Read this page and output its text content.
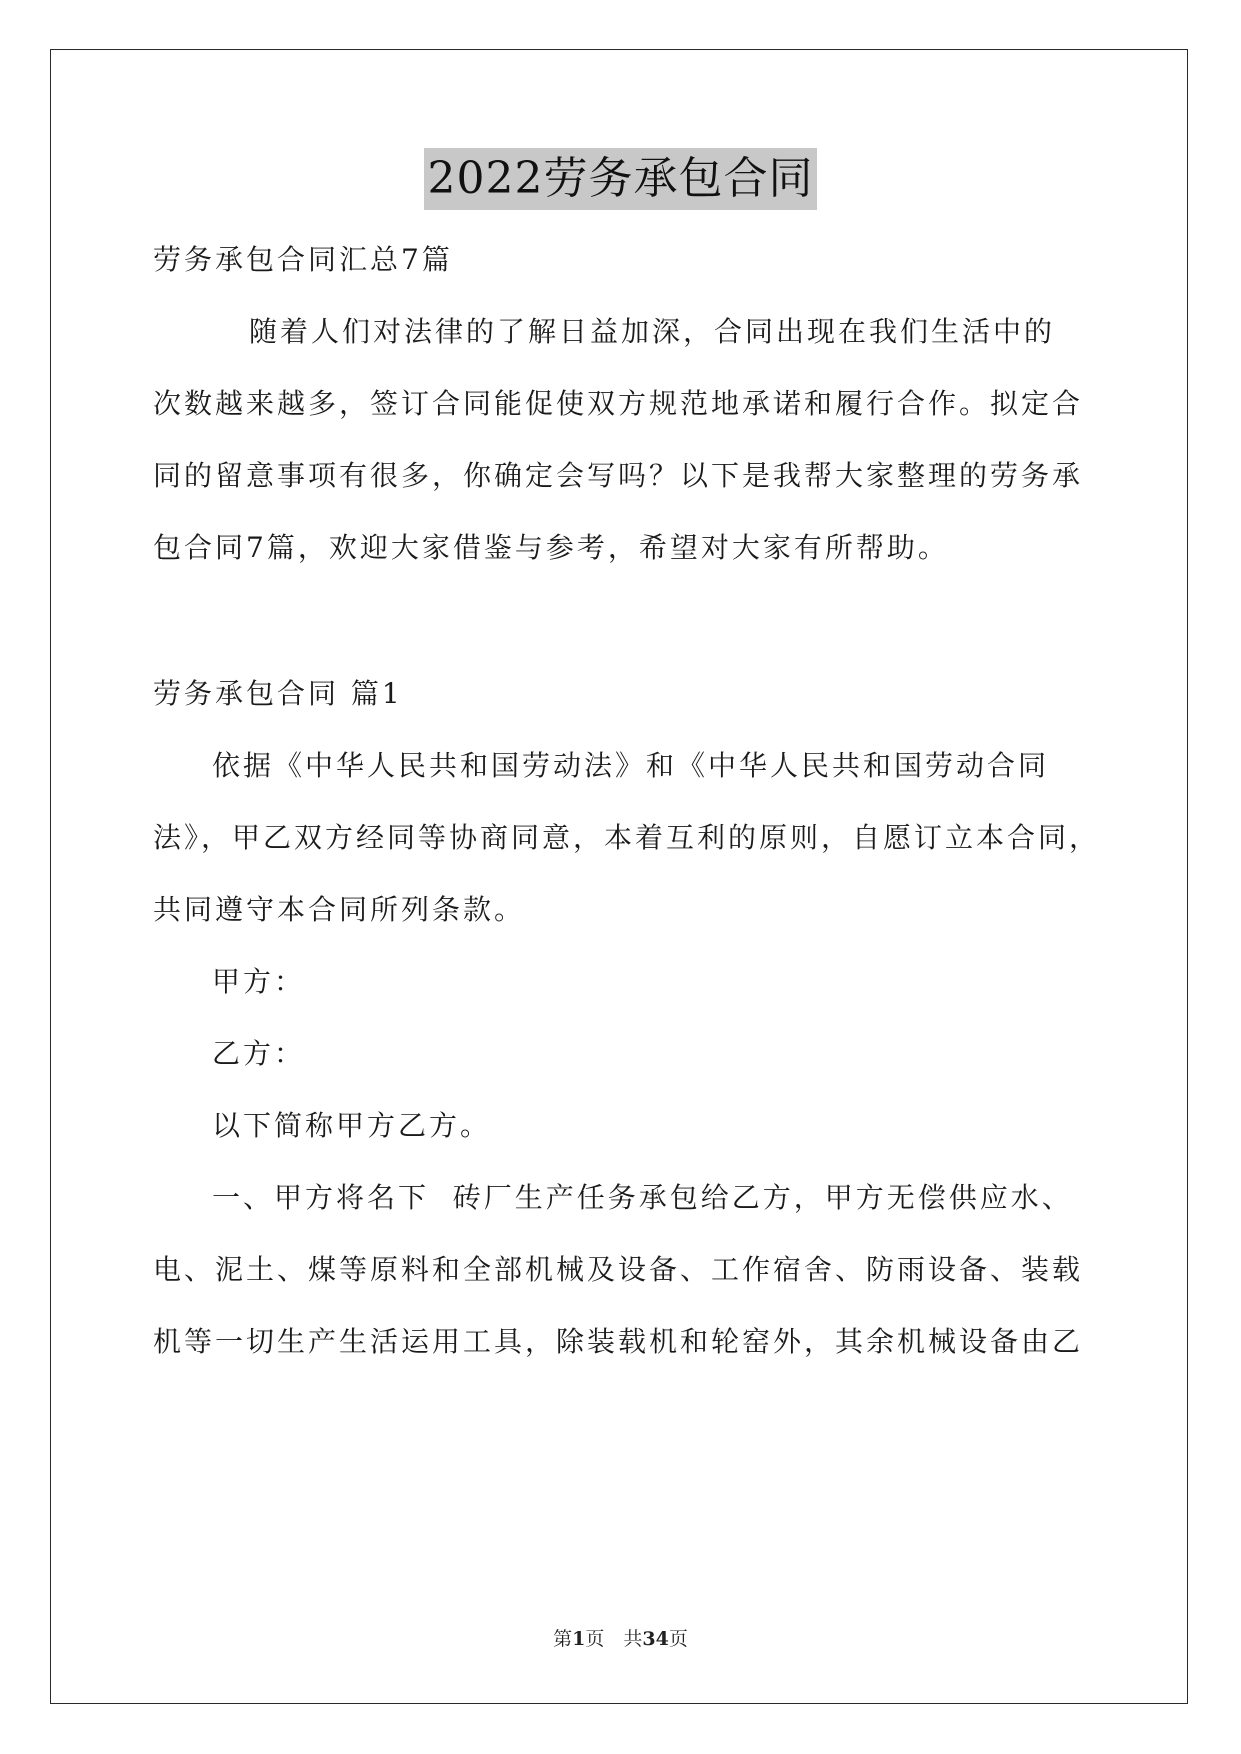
2022劳务承包合同
劳务承包合同汇总7篇
随着人们对法律的了解日益加深，合同出现在我们生活中的
次数越来越多，签订合同能促使双方规范地承诺和履行合作。拟定合
同的留意事项有很多，你确定会写吗？以下是我帮大家整理的劳务承
包合同7篇，欢迎大家借鉴与参考，希望对大家有所帮助。
劳务承包合同 篇1
依据《中华人民共和国劳动法》和《中华人民共和国劳动合同
法》，甲乙双方经同等协商同意，本着互利的原则，自愿订立本合同，
共同遵守本合同所列条款。
甲方：
乙方：
以下简称甲方乙方。
一、甲方将名下  砖厂生产任务承包给乙方，甲方无偿供应水、
电、泥土、煤等原料和全部机械及设备、工作宿舍、防雨设备、装载
机等一切生产生活运用工具，除装载机和轮窑外，其余机械设备由乙
第1页　共34页
